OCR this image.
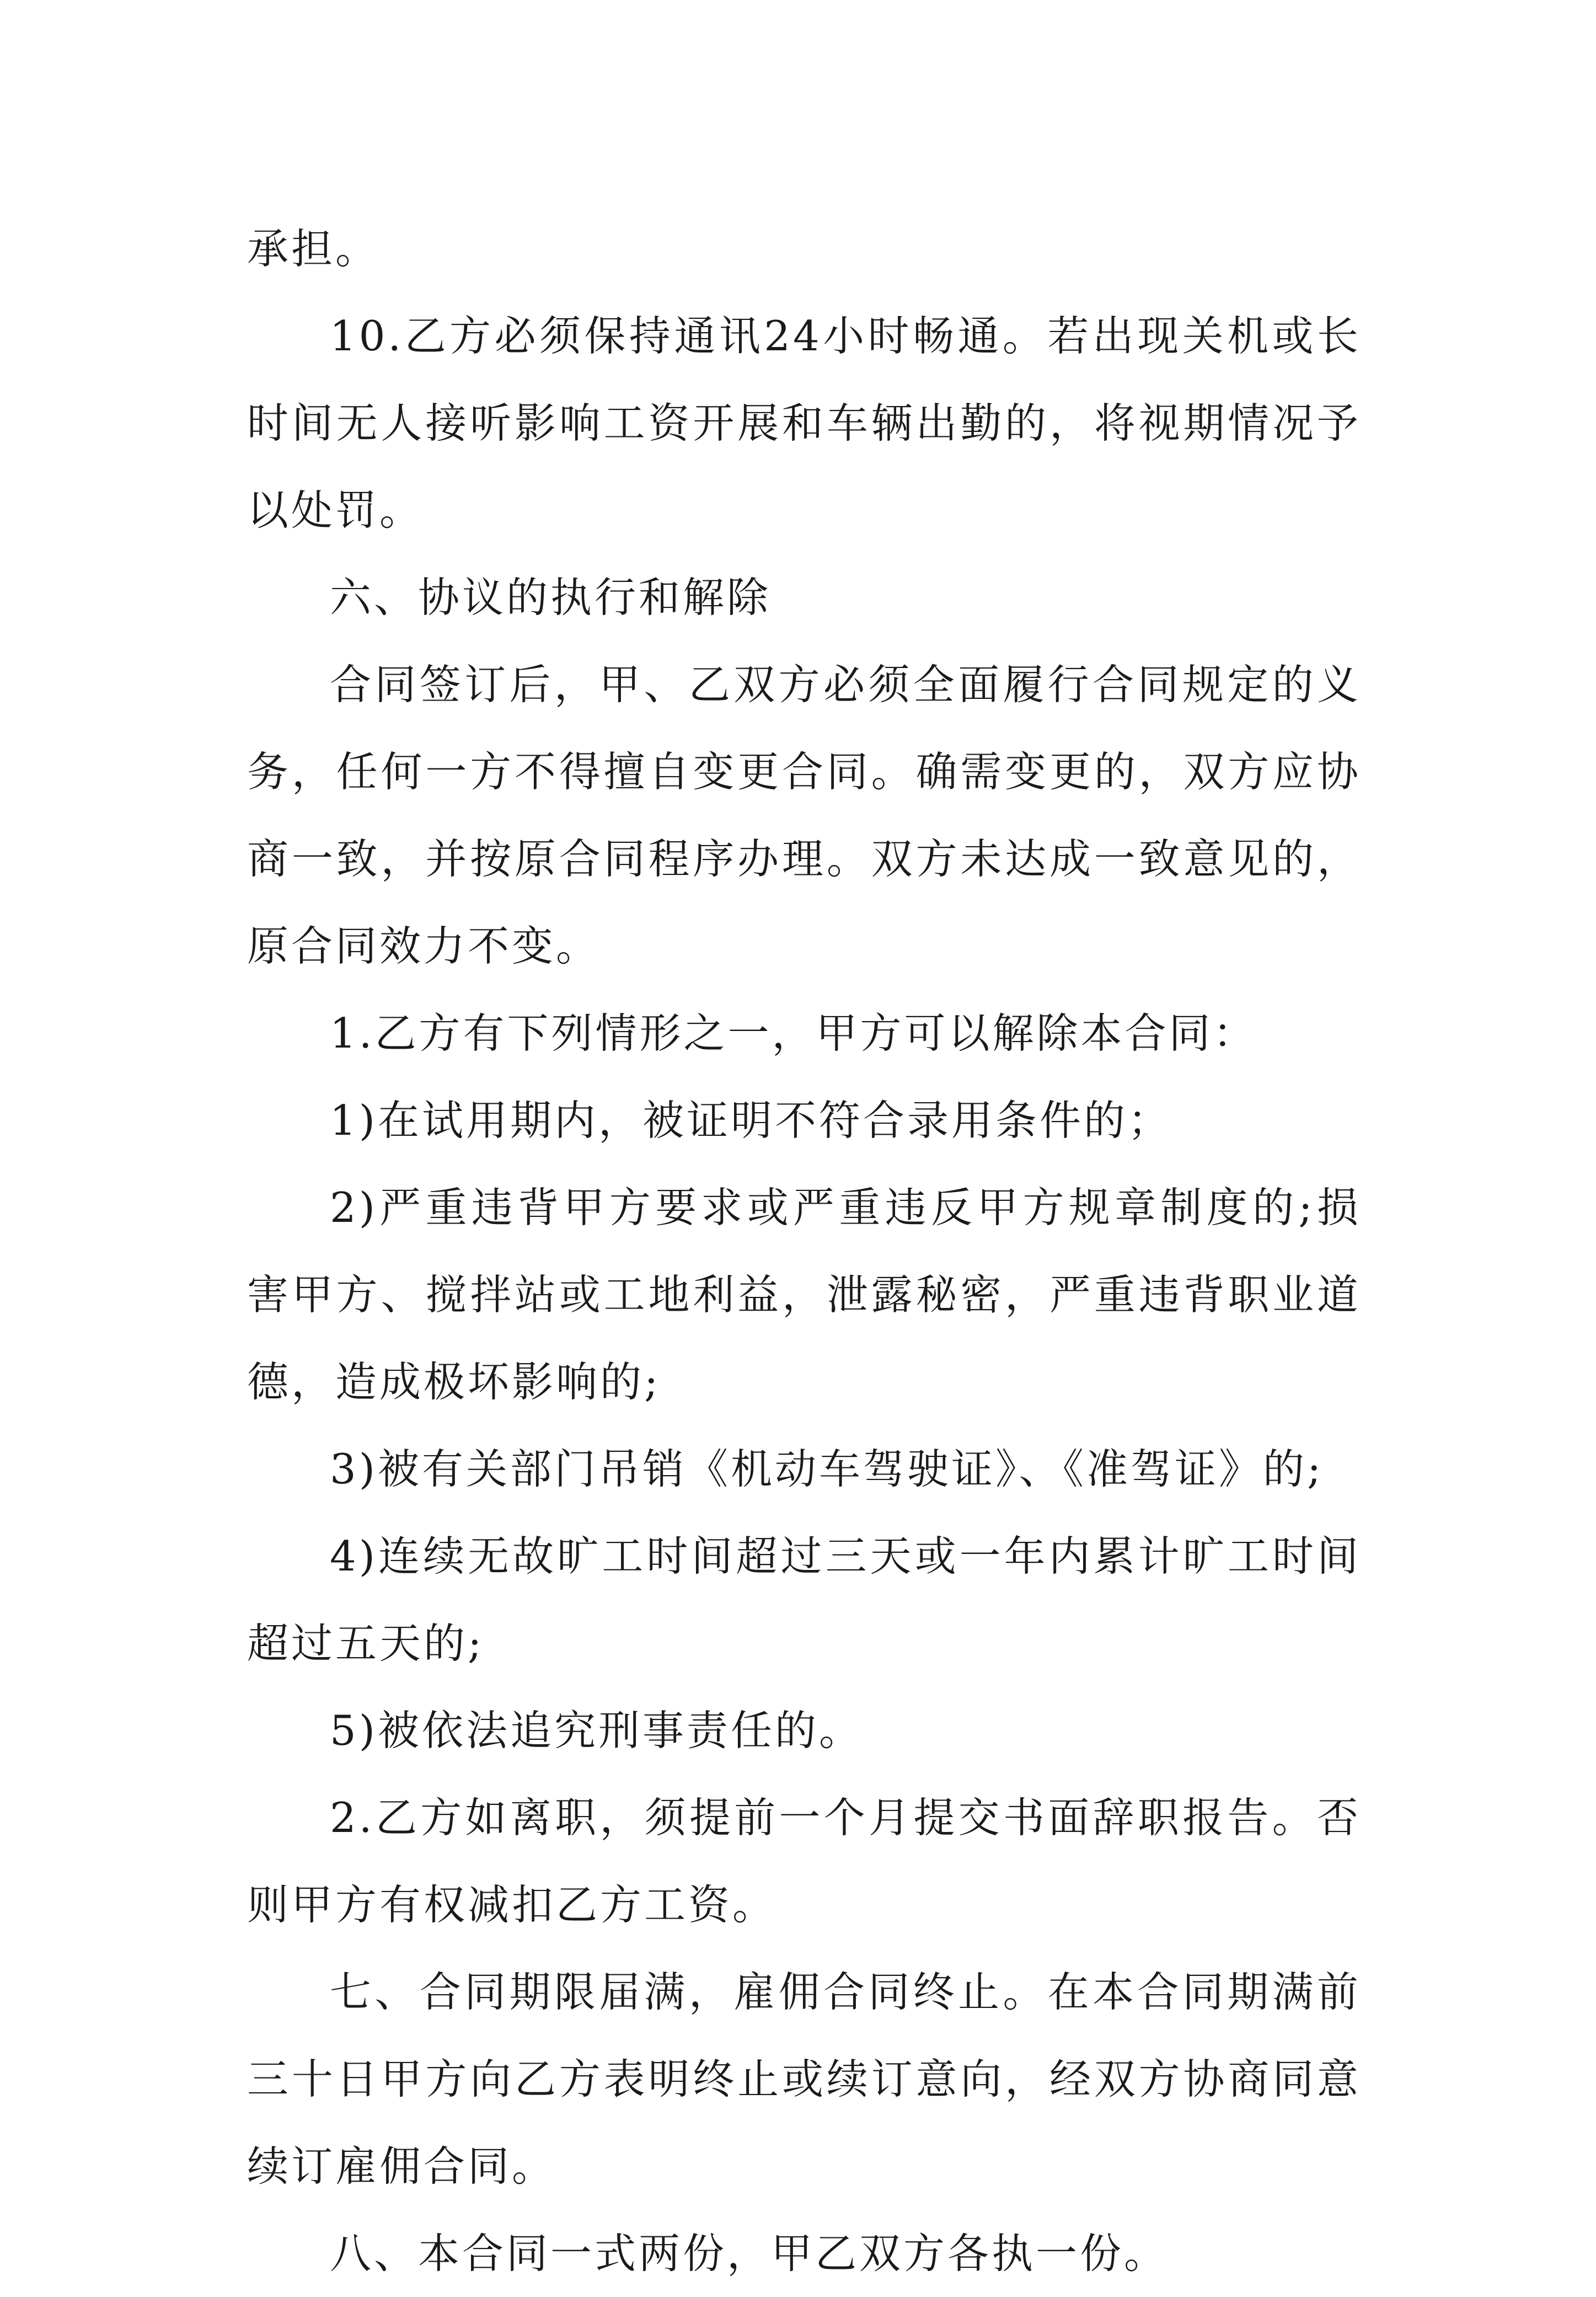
承担。

10.乙方必须保持通讯24小时畅通。若出现关机或长时间无人接听影响工资开展和车辆出勤的，将视期情况予以处罚。

六、协议的执行和解除

合同签订后，甲、乙双方必须全面履行合同规定的义务，任何一方不得擅自变更合同。确需变更的，双方应协商一致，并按原合同程序办理。双方未达成一致意见的，原合同效力不变。

1.乙方有下列情形之一，甲方可以解除本合同：

1)在试用期内，被证明不符合录用条件的；

2)严重违背甲方要求或严重违反甲方规章制度的;损害甲方、搅拌站或工地利益，泄露秘密，严重违背职业道德，造成极坏影响的;

3)被有关部门吊销《机动车驾驶证》、《准驾证》的;

4)连续无故旷工时间超过三天或一年内累计旷工时间超过五天的;

5)被依法追究刑事责任的。

2.乙方如离职，须提前一个月提交书面辞职报告。否则甲方有权减扣乙方工资。

七、合同期限届满，雇佣合同终止。在本合同期满前三十日甲方向乙方表明终止或续订意向，经双方协商同意续订雇佣合同。

八、本合同一式两份，甲乙双方各执一份。
